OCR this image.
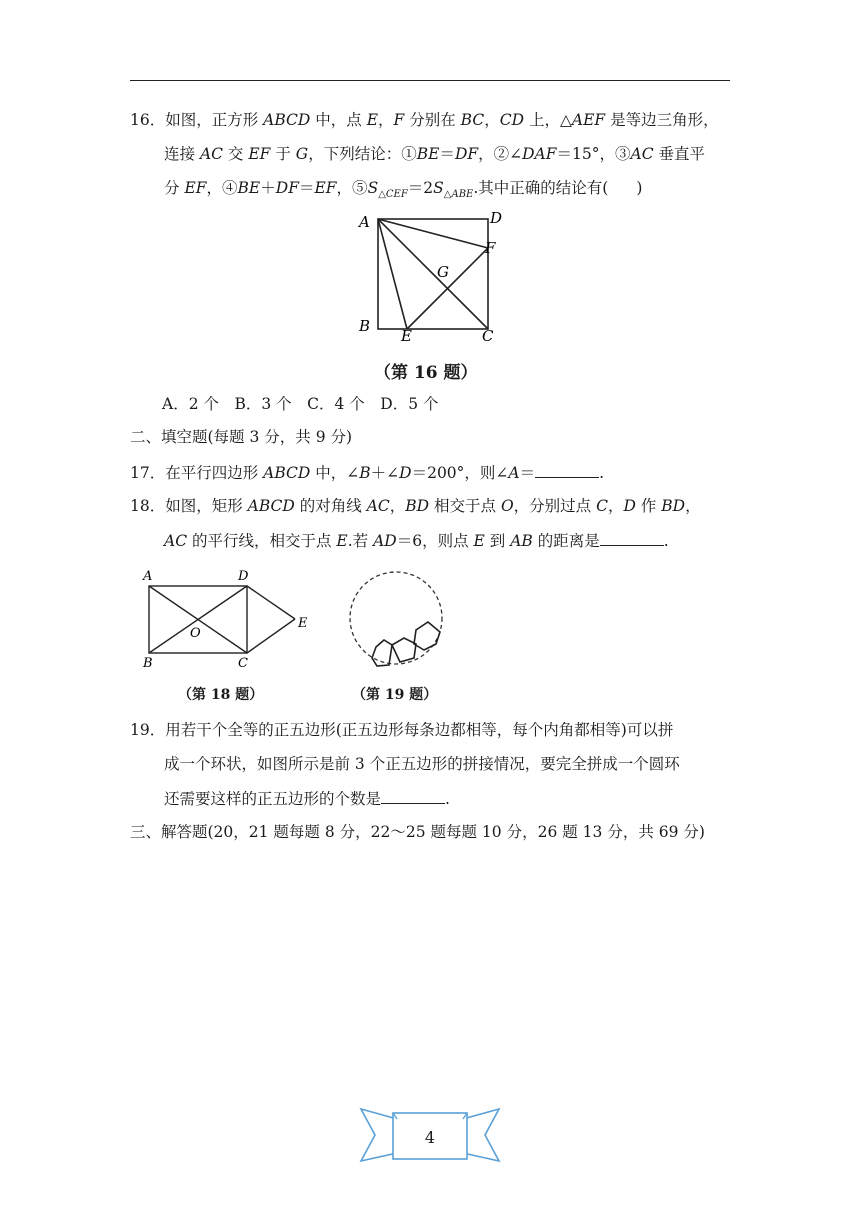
16．如图，正方形 ABCD 中，点 E，F 分别在 BC，CD 上，△AEF 是等边三角形，
连接 AC 交 EF 于 G，下列结论：①BE＝DF，②∠DAF＝15°，③AC 垂直平
分 EF，④BE＋DF＝EF，$⑤S_{\triangle CEF}=2S_{\triangle ABE}$.其中正确的结论有( )
A	D
F
G
B
E	C
（第 16 题）
A．2 个　B．3 个　C．4 个　D．5 个
二、填空题(每题 3 分，共 9 分)
17．在平行四边形 ABCD 中，∠B＋∠D＝200°，则∠A＝	.
18．如图，矩形 ABCD 的对角线 AC，BD 相交于点 O，分别过点 C，D 作 BD，
AC 的平行线，相交于点 E.若 AD＝6，则点 E 到 AB 的距离是	.
A	D
E
O
B	C
（第 18 题）	（第 19 题）
19．用若干个全等的正五边形(正五边形每条边都相等，每个内角都相等)可以拼
成一个环状，如图所示是前 3 个正五边形的拼接情况，要完全拼成一个圆环
还需要这样的正五边形的个数是	.
三、解答题(20，21 题每题 8 分，22～25 题每题 10 分，26 题 13 分，共 69 分)
4
